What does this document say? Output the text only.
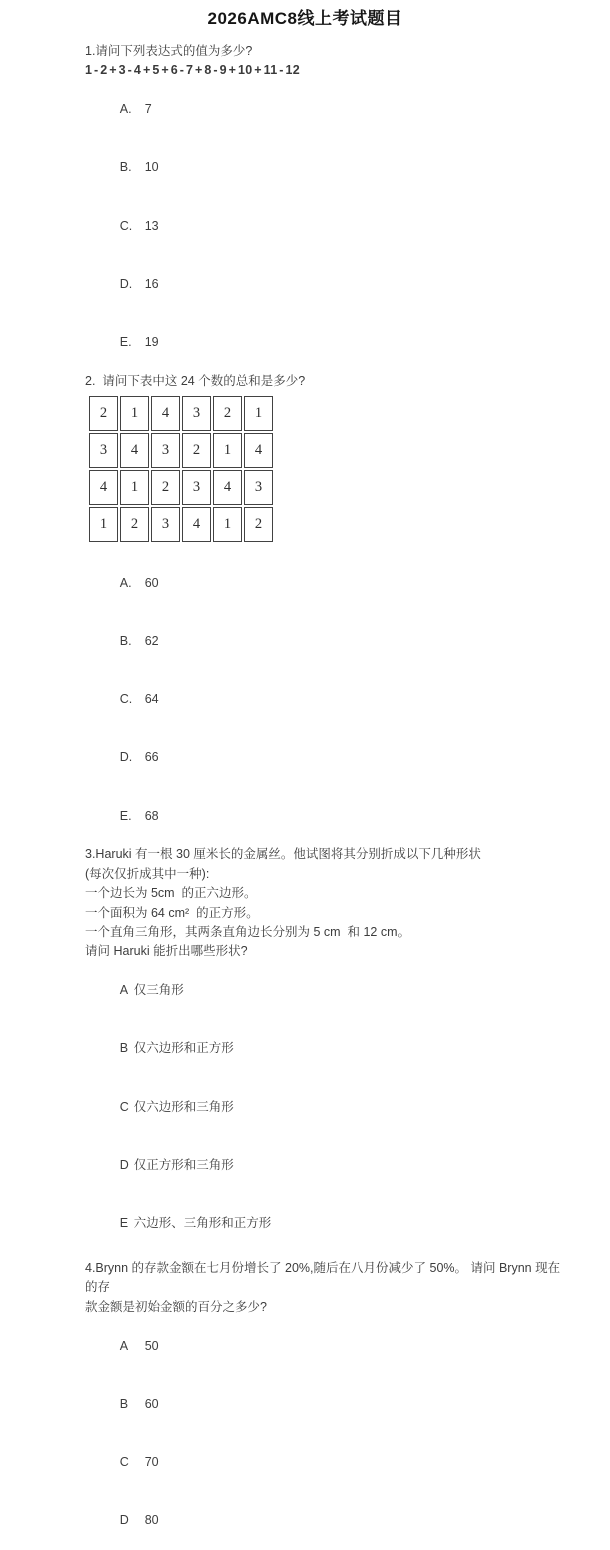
2026AMC8线上考试题目
1.请问下列表达式的值为多少?
1 - 2 + 3 - 4 + 5 + 6 - 7 + 8 - 9 + 10 + 11 - 12

A. 7

B. 10

C. 13

D. 16

E. 19

2.  请问下表中这 24 个数的总和是多少?
2	1	4	3	2	1
3	4	3	2	1	4
4	1	2	3	4	3
1	2	3	4	1	2

A. 60

B. 62

C. 64

D. 66

E. 68

3.Haruki 有一根 30 厘米长的金属丝。他试图将其分别折成以下几种形状
(每次仅折成其中一种):
一个边长为 5cm  的正六边形。
一个面积为 64 cm²  的正方形。
一个直角三角形，其两条直角边长分别为 5 cm  和 12 cm。
请问 Haruki 能折出哪些形状?

A 仅三角形

B 仅六边形和正方形

C 仅六边形和三角形

D 仅正方形和三角形

E 六边形、三角形和正方形

4.Brynn 的存款金额在七月份增长了 20%,随后在八月份减少了 50%。 请问 Brynn 现在的存
款金额是初始金额的百分之多少?

A 50

B 60

C 70

D 80
